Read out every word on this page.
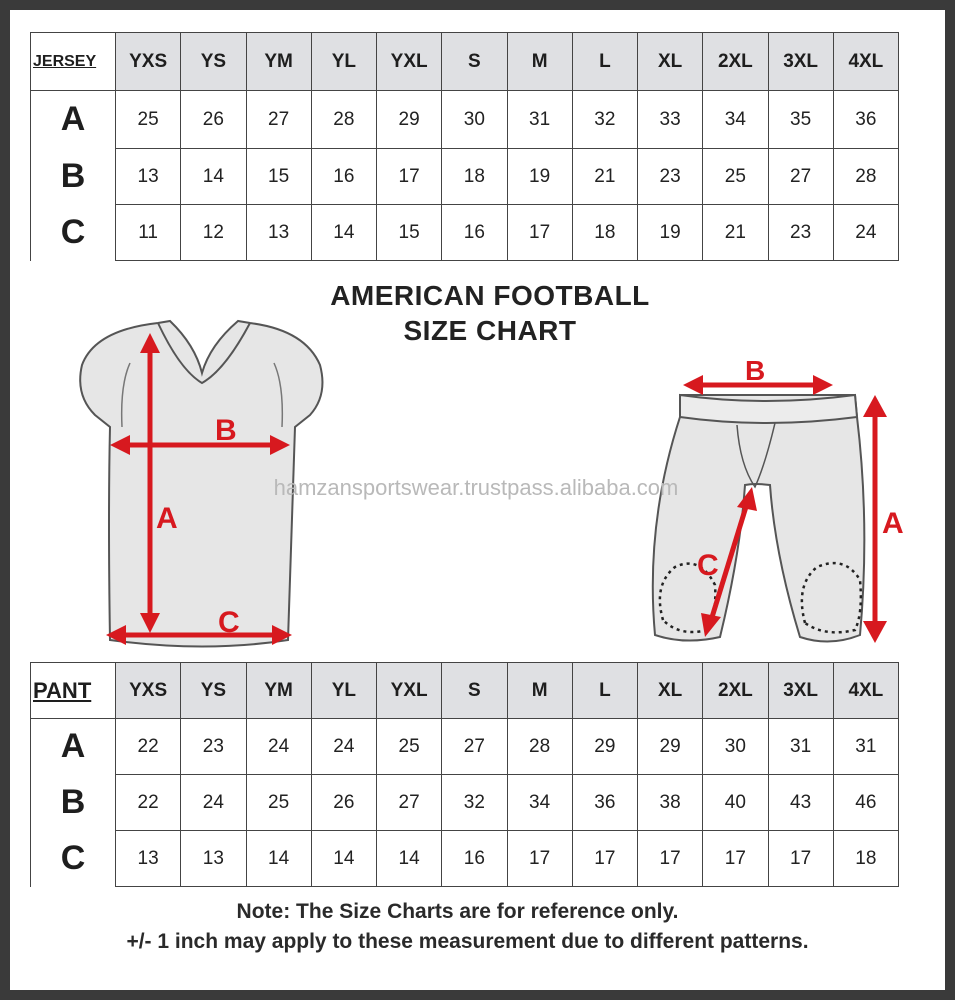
JERSEY	YXS	YS	YM	YL	YXL	S	M	L	XL	2XL	3XL	4XL
A	25	26	27	28	29	30	31	32	33	34	35	36
B	13	14	15	16	17	18	19	21	23	25	27	28
C	11	12	13	14	15	16	17	18	19	21	23	24
AMERICAN FOOTBALL
SIZE CHART
A
B
C
B
A
C
hamzansportswear.trustpass.alibaba.com
PANT	YXS	YS	YM	YL	YXL	S	M	L	XL	2XL	3XL	4XL
A	22	23	24	24	25	27	28	29	29	30	31	31
B	22	24	25	26	27	32	34	36	38	40	43	46
C	13	13	14	14	14	16	17	17	17	17	17	18
Note: The Size Charts are for reference only.
+/- 1 inch may apply to these measurement due to different patterns.
